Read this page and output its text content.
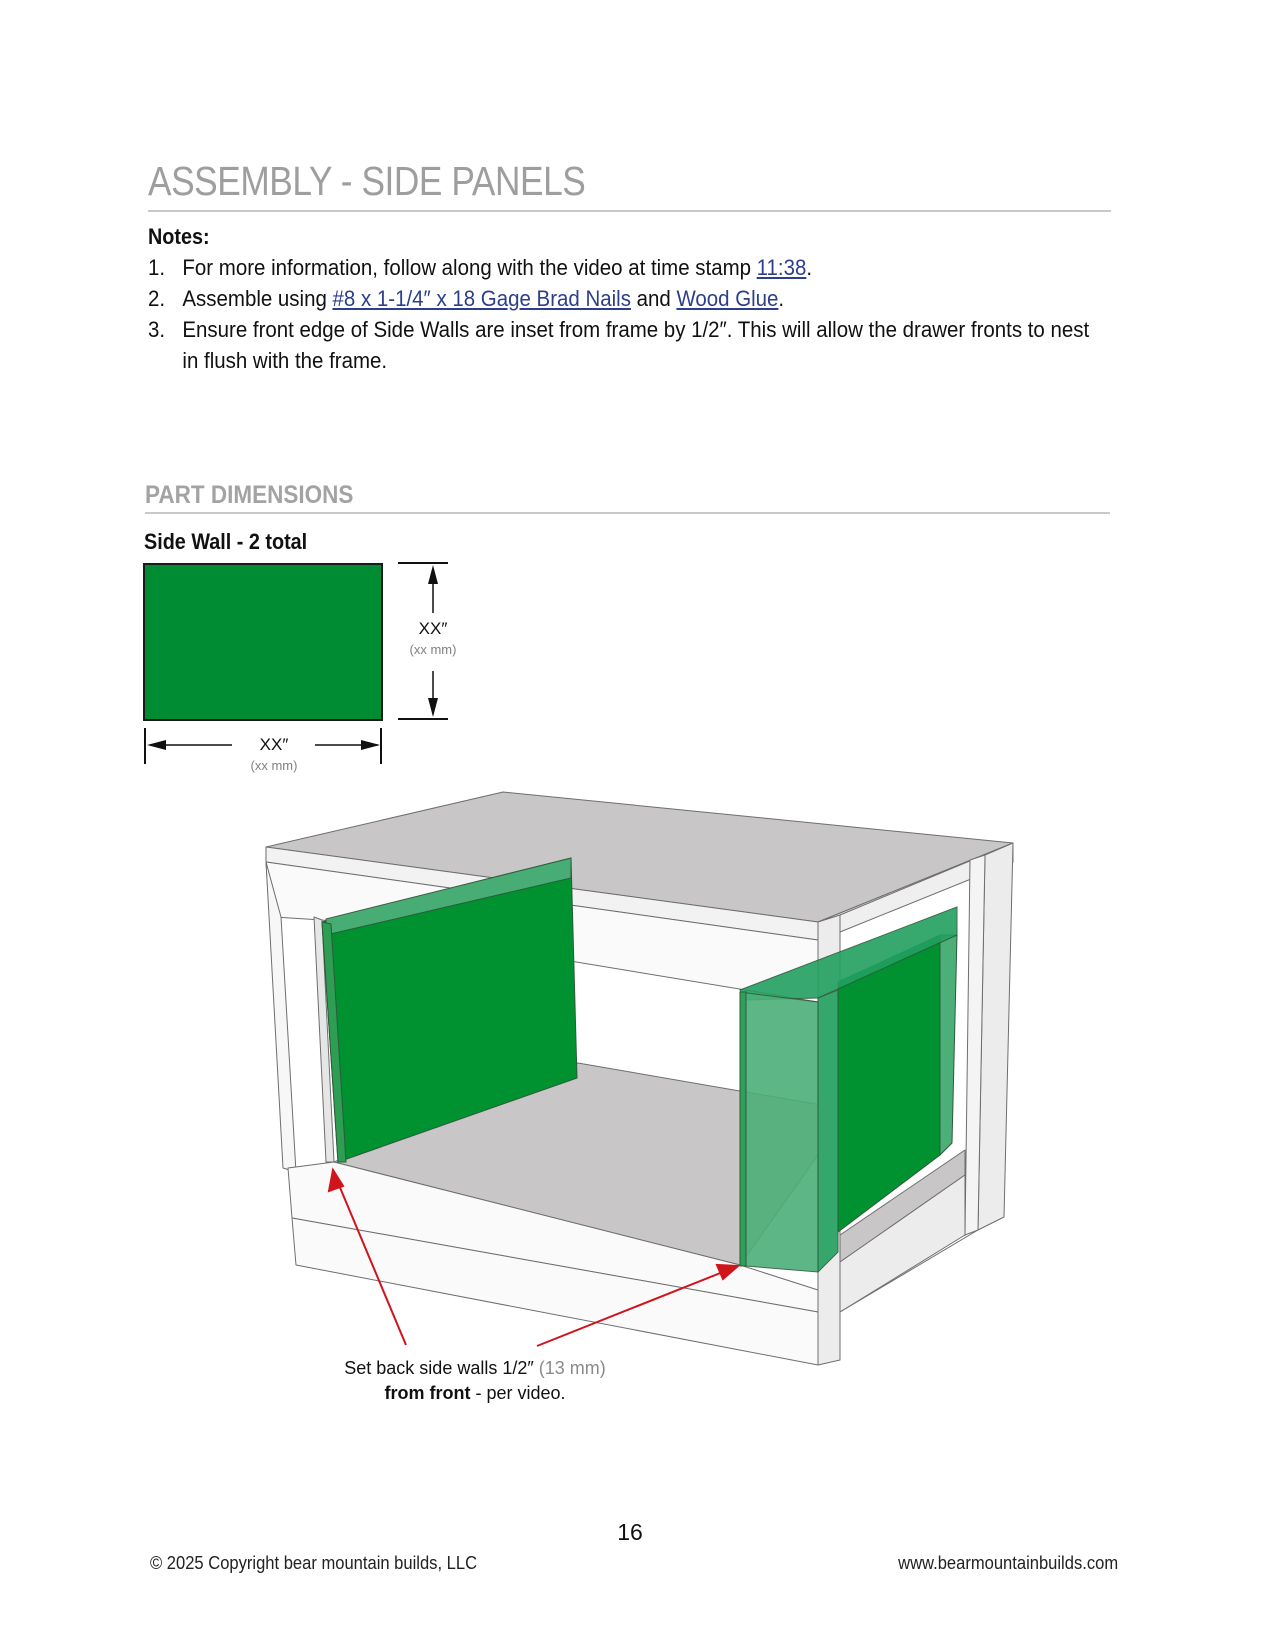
ASSEMBLY - SIDE PANELS
Notes:
1. For more information, follow along with the video at time stamp 11:38.
2. Assemble using #8 x 1-1/4″ x 18 Gage Brad Nails and Wood Glue.
3. Ensure front edge of Side Walls are inset from frame by 1/2″. This will allow the drawer fronts to nest in flush with the frame.
PART DIMENSIONS
Side Wall - 2 total
XX″
(xx mm)
XX″
(xx mm)
Set back side walls 1/2″ (13 mm)
from front - per video.
16
© 2025 Copyright bear mountain builds, LLC	www.bearmountainbuilds.com
